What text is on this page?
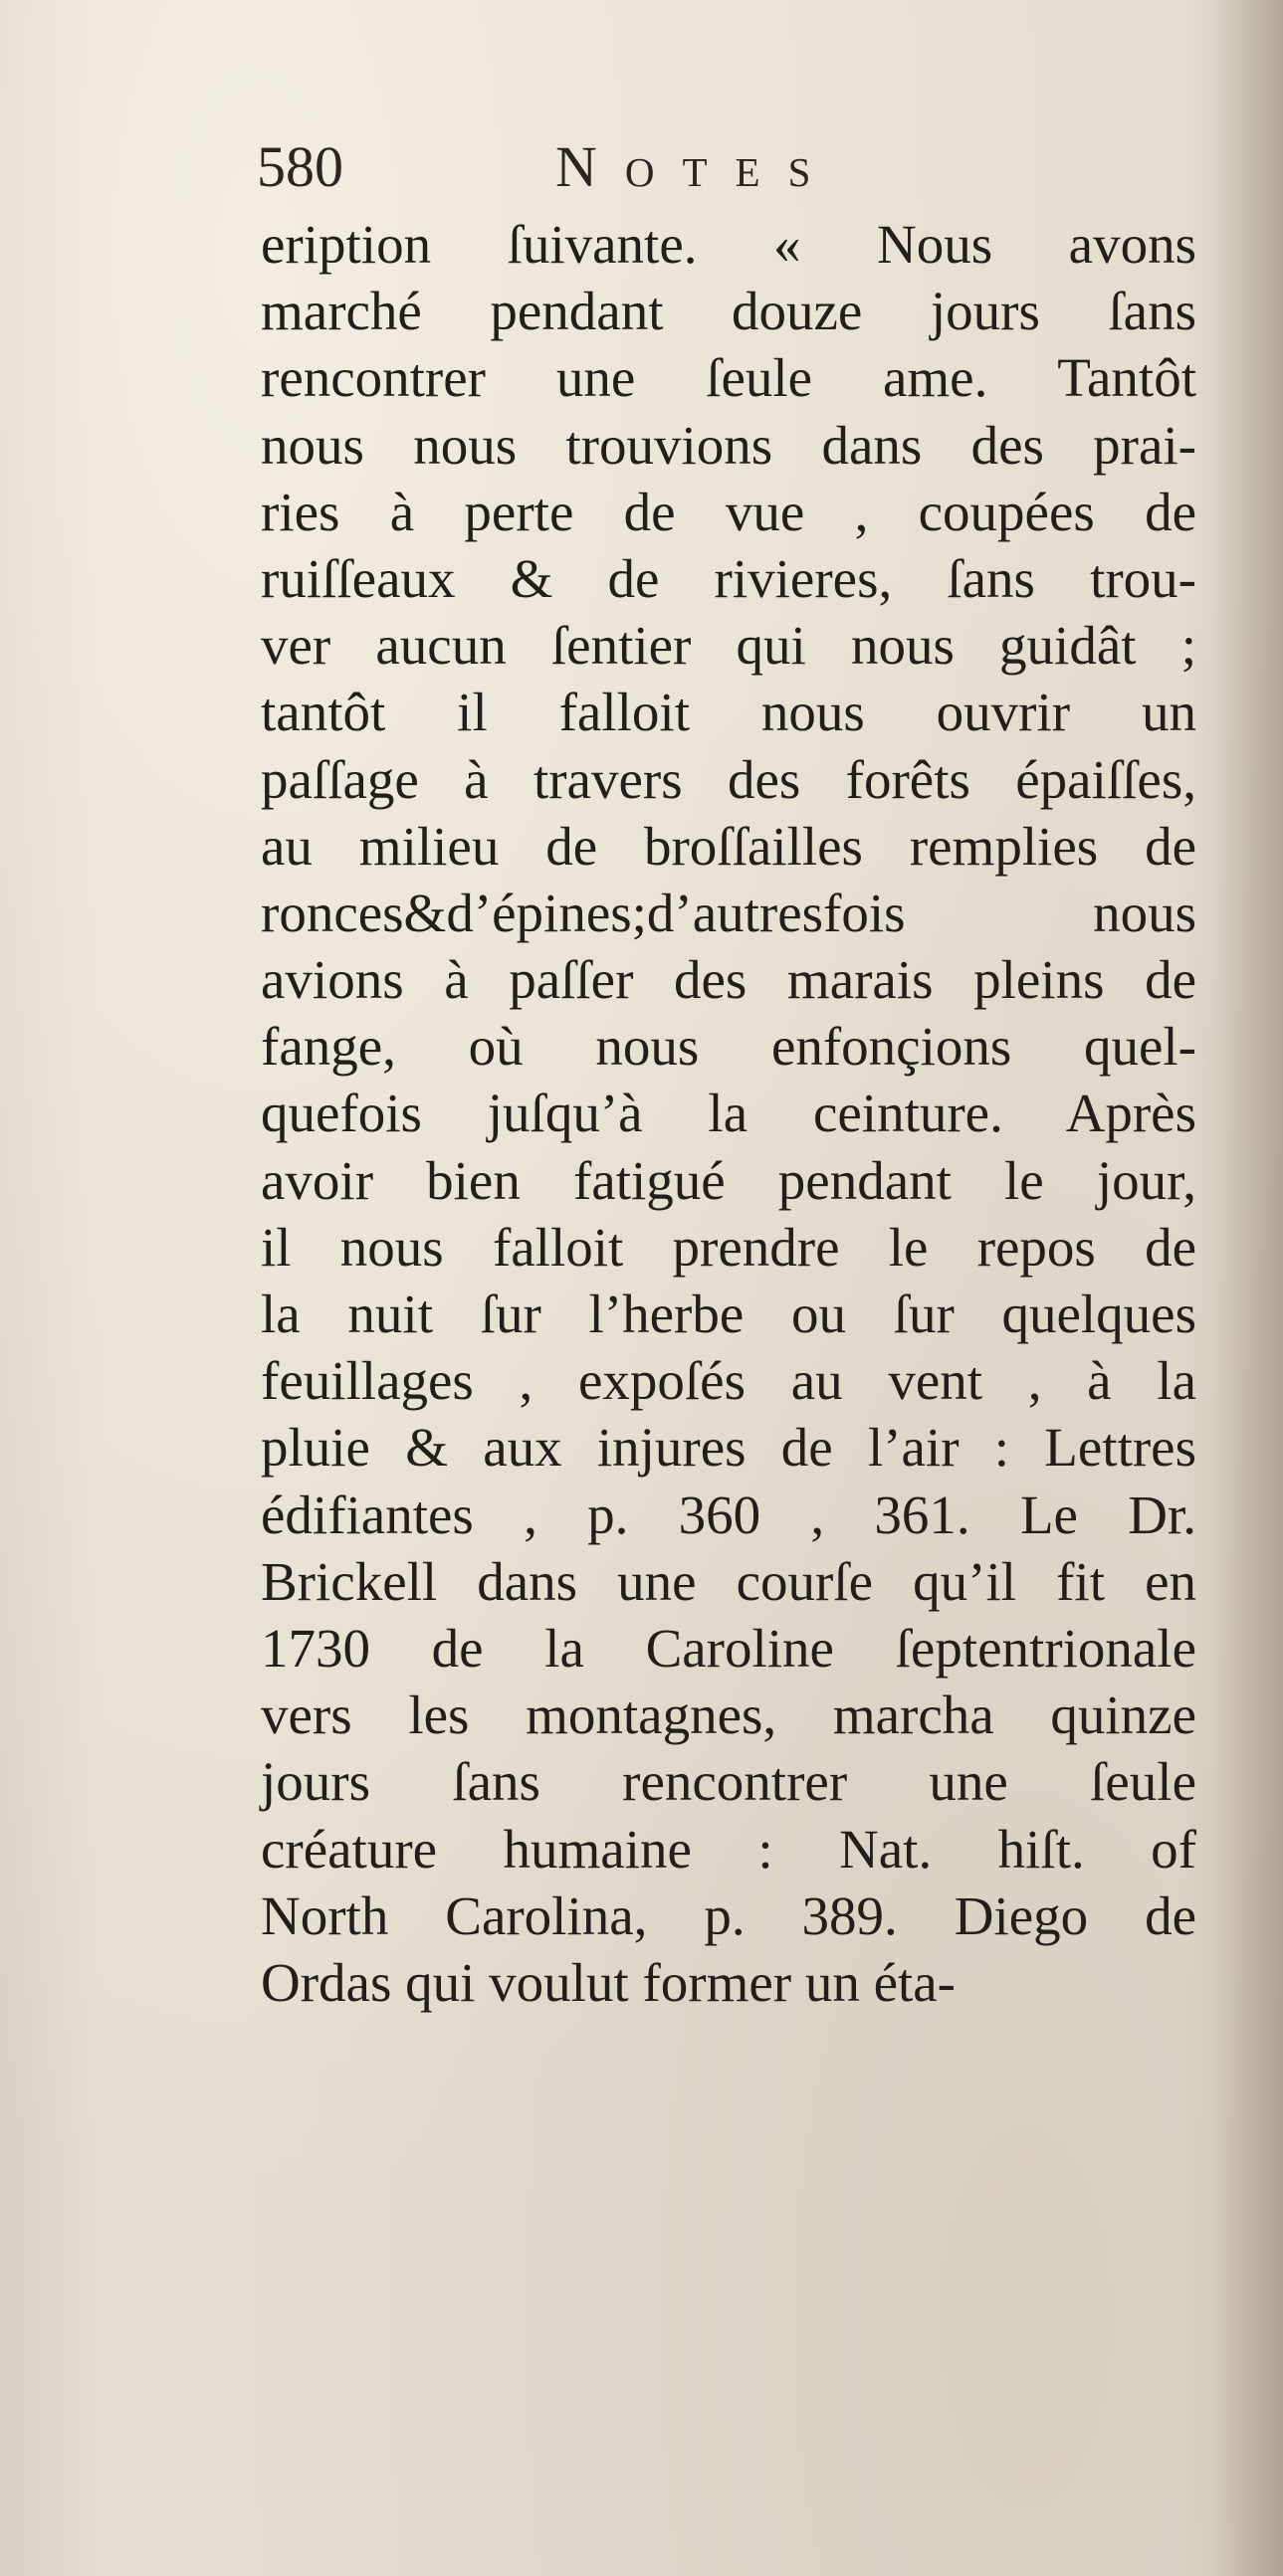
580	Notes
eription ſuivante. « Nous avons
marché pendant douze jours ſans
rencontrer une ſeule ame. Tantôt
nous nous trouvions dans des prai-
ries à perte de vue , coupées de
ruiſſeaux & de rivieres, ſans trou-
ver aucun ſentier qui nous guidât ;
tantôt il falloit nous ouvrir un
paſſage à travers des forêts épaiſſes,
au milieu de broſſailles remplies de
ronces&d’épines;d’autresfois nous
avions à paſſer des marais pleins de
fange, où nous enfonçions quel-
quefois juſqu’à la ceinture. Après
avoir bien fatigué pendant le jour,
il nous falloit prendre le repos de
la nuit ſur l’herbe ou ſur quelques
feuillages , expoſés au vent , à la
pluie & aux injures de l’air : Lettres
édifiantes , p. 360 , 361. Le Dr.
Brickell dans une courſe qu’il fit en
1730 de la Caroline ſeptentrionale
vers les montagnes, marcha quinze
jours ſans rencontrer une ſeule
créature humaine : Nat. hiſt. of
North Carolina, p. 389. Diego de
Ordas qui voulut former un éta-
